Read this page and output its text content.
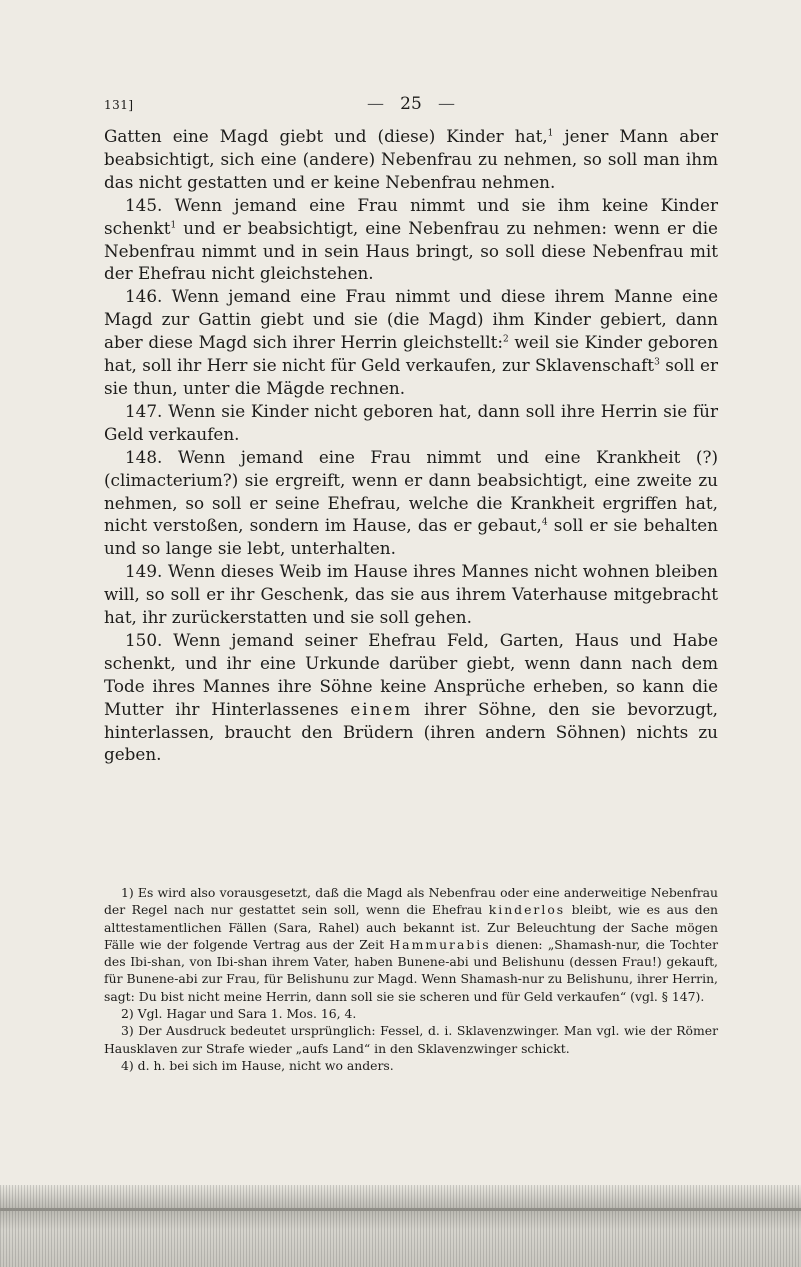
131]	— 25 —

Gatten eine Magd giebt und (diese) Kinder hat,$^1$ jener Mann aber beabsichtigt, sich eine (andere) Nebenfrau zu nehmen, so soll man ihm das nicht gestatten und er keine Nebenfrau nehmen.

145. Wenn jemand eine Frau nimmt und sie ihm keine Kinder schenkt$^1$ und er beabsichtigt, eine Nebenfrau zu nehmen: wenn er die Nebenfrau nimmt und in sein Haus bringt, so soll diese Nebenfrau mit der Ehefrau nicht gleichstehen.

146. Wenn jemand eine Frau nimmt und diese ihrem Manne eine Magd zur Gattin giebt und sie (die Magd) ihm Kinder gebiert, dann aber diese Magd sich ihrer Herrin gleichstellt:$^2$ weil sie Kinder geboren hat, soll ihr Herr sie nicht für Geld verkaufen, zur Sklavenschaft$^3$ soll er sie thun, unter die Mägde rechnen.

147. Wenn sie Kinder nicht geboren hat, dann soll ihre Herrin sie für Geld verkaufen.

148. Wenn jemand eine Frau nimmt und eine Krankheit (?) (climacterium?) sie ergreift, wenn er dann beabsichtigt, eine zweite zu nehmen, so soll er seine Ehefrau, welche die Krankheit ergriffen hat, nicht verstoßen, sondern im Hause, das er gebaut,$^4$ soll er sie behalten und so lange sie lebt, unterhalten.

149. Wenn dieses Weib im Hause ihres Mannes nicht wohnen bleiben will, so soll er ihr Geschenk, das sie aus ihrem Vaterhause mitgebracht hat, ihr zurückerstatten und sie soll gehen.

150. Wenn jemand seiner Ehefrau Feld, Garten, Haus und Habe schenkt, und ihr eine Urkunde darüber giebt, wenn dann nach dem Tode ihres Mannes ihre Söhne keine Ansprüche erheben, so kann die Mutter ihr Hinterlassenes einem ihrer Söhne, den sie bevorzugt, hinterlassen, braucht den Brüdern (ihren andern Söhnen) nichts zu geben.

1) Es wird also vorausgesetzt, daß die Magd als Nebenfrau oder eine anderweitige Nebenfrau der Regel nach nur gestattet sein soll, wenn die Ehefrau kinderlos bleibt, wie es aus den alttestamentlichen Fällen (Sara, Rahel) auch bekannt ist. Zur Beleuchtung der Sache mögen Fälle wie der folgende Vertrag aus der Zeit Hammurabis dienen: „Shamash-nur, die Tochter des Ibi-shan, von Ibi-shan ihrem Vater, haben Bunene-abi und Belishunu (dessen Frau!) gekauft, für Bunene-abi zur Frau, für Belishunu zur Magd. Wenn Shamash-nur zu Belishunu, ihrer Herrin, sagt: Du bist nicht meine Herrin, dann soll sie sie scheren und für Geld verkaufen“ (vgl. § 147).

2) Vgl. Hagar und Sara 1. Mos. 16, 4.

3) Der Ausdruck bedeutet ursprünglich: Fessel, d. i. Sklavenzwinger. Man vgl. wie der Römer Hausklaven zur Strafe wieder „aufs Land“ in den Sklavenzwinger schickt.

4) d. h. bei sich im Hause, nicht wo anders.
